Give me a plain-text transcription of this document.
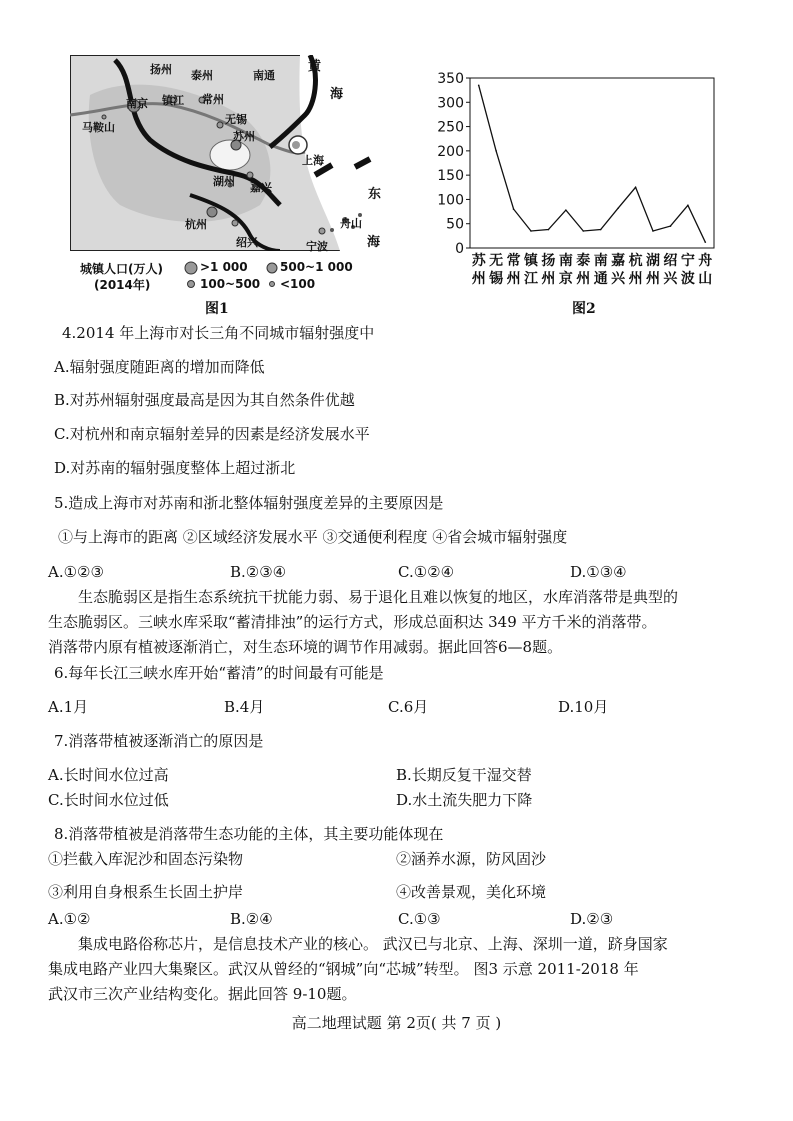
扬州 泰州	南通
南京 镇江 常州
马鞍山
无锡
苏州
上海
湖州 嘉兴
杭州
绍兴
舟山
宁波
黄
海
东
海
城镇人口(万人)
(2014年)
>1 000	500~1 000
100~500 <100
图1
0
50
100
150
200
250
300
350
苏
州
无
锡
常
州
镇
江
扬
州
南
京
泰
州
南
通
嘉
兴
杭
州
湖
州
绍
兴
宁
波
舟
山
图2
4.2014 年上海市对长三角不同城市辐射强度中
A.辐射强度随距离的增加而降低
B.对苏州辐射强度最高是因为其自然条件优越
C.对杭州和南京辐射差异的因素是经济发展水平
D.对苏南的辐射强度整体上超过浙北
5.造成上海市对苏南和浙北整体辐射强度差异的主要原因是
①与上海市的距离 ②区域经济发展水平 ③交通便利程度 ④省会城市辐射强度
A.①②③	B.②③④	C.①②④	D.①③④
生态脆弱区是指生态系统抗干扰能力弱、易于退化且难以恢复的地区，水库消落带是典型的
生态脆弱区。三峡水库采取“蓄清排浊”的运行方式，形成总面积达 349 平方千米的消落带。
消落带内原有植被逐渐消亡，对生态环境的调节作用减弱。据此回答6—8题。
6.每年长江三峡水库开始“蓄清”的时间最有可能是
A.1月	B.4月	C.6月	D.10月
7.消落带植被逐渐消亡的原因是
A.长时间水位过高	B.长期反复干湿交替
C.长时间水位过低	D.水土流失肥力下降
8.消落带植被是消落带生态功能的主体，其主要功能体现在
①拦截入库泥沙和固态污染物	②涵养水源，防风固沙
③利用自身根系生长固土护岸	④改善景观，美化环境
A.①②	B.②④	C.①③	D.②③
集成电路俗称芯片，是信息技术产业的核心。 武汉已与北京、上海、深圳一道，跻身国家
集成电路产业四大集聚区。武汉从曾经的“钢城”向“芯城”转型。 图3 示意 2011-2018 年
武汉市三次产业结构变化。据此回答 9-10题。
高二地理试题 第 2页( 共 7 页 )
